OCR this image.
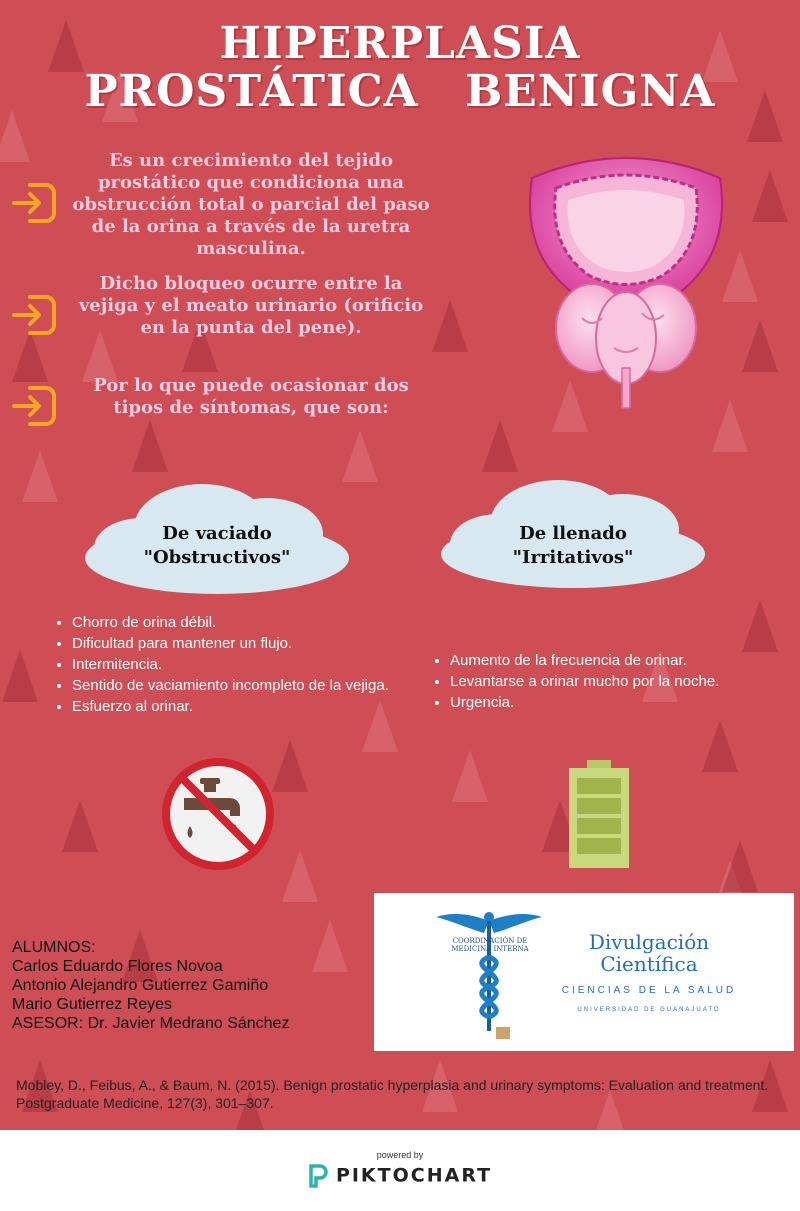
HIPERPLASIA
PROSTÁTICA BENIGNA
Es un crecimiento del tejido prostático que condiciona una obstrucción total o parcial del paso de la orina a través de la uretra masculina.
Dicho bloqueo ocurre entre la vejiga y el meato urinario (orificio en la punta del pene).
Por lo que puede ocasionar dos tipos de síntomas, que son:
De vaciado
"Obstructivos"
De llenado
"Irritativos"
• Chorro de orina débil.
• Dificultad para mantener un flujo.
• Intermitencia.
• Sentido de vaciamiento incompleto de la vejiga.
• Esfuerzo al orinar.
• Aumento de la frecuencia de orinar.
• Levantarse a orinar mucho por la noche.
• Urgencia.
ALUMNOS:
Carlos Eduardo Flores Novoa
Antonio Alejandro Gutierrez Gamiño
Mario Gutierrez Reyes
ASESOR: Dr. Javier Medrano Sánchez
COORDINACIÓN DE
MEDICINA INTERNA	Divulgación
Científica
CIENCIAS DE LA SALUD
UNIVERSIDAD DE GUANAJUATO
Mobley, D., Feibus, A., & Baum, N. (2015). Benign prostatic hyperplasia and urinary symptoms: Evaluation and treatment. Postgraduate Medicine, 127(3), 301–307.
powered by
PIKTOCHART
